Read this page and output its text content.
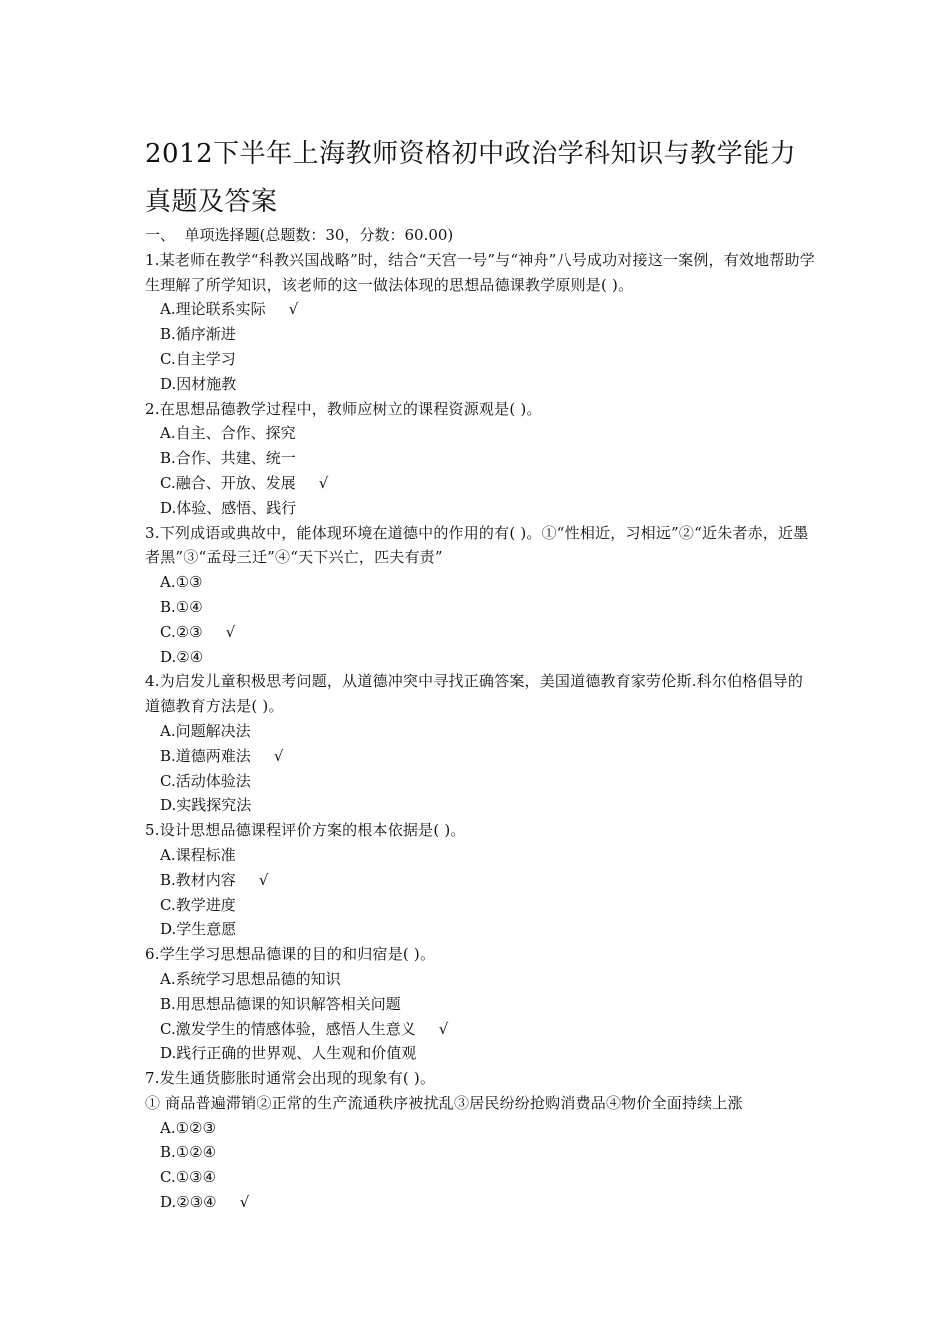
2012下半年上海教师资格初中政治学科知识与教学能力真题及答案
一、  单项选择题(总题数：30，分数：60.00)
1.某老师在教学“科教兴国战略”时，结合“天宫一号”与“神舟”八号成功对接这一案例，有效地帮助学生理解了所学知识，该老师的这一做法体现的思想品德课教学原则是( )。
A.理论联系实际 √
B.循序渐进
C.自主学习
D.因材施教
2.在思想品德教学过程中，教师应树立的课程资源观是( )。
A.自主、合作、探究
B.合作、共建、统一
C.融合、开放、发展 √
D.体验、感悟、践行
3.下列成语或典故中，能体现环境在道德中的作用的有( )。①“性相近，习相远”②“近朱者赤，近墨者黑”③“孟母三迁”④“天下兴亡，匹夫有责”
A.①③
B.①④
C.②③ √
D.②④
4.为启发儿童积极思考问题，从道德冲突中寻找正确答案，美国道德教育家劳伦斯.科尔伯格倡导的道德教育方法是( )。
A.问题解决法
B.道德两难法 √
C.活动体验法
D.实践探究法
5.设计思想品德课程评价方案的根本依据是( )。
A.课程标准
B.教材内容 √
C.教学进度
D.学生意愿
6.学生学习思想品德课的目的和归宿是( )。
A.系统学习思想品德的知识
B.用思想品德课的知识解答相关问题
C.激发学生的情感体验，感悟人生意义 √
D.践行正确的世界观、人生观和价值观
7.发生通货膨胀时通常会出现的现象有( )。
① 商品普遍滞销②正常的生产流通秩序被扰乱③居民纷纷抢购消费品④物价全面持续上涨
A.①②③
B.①②④
C.①③④
D.②③④ √
